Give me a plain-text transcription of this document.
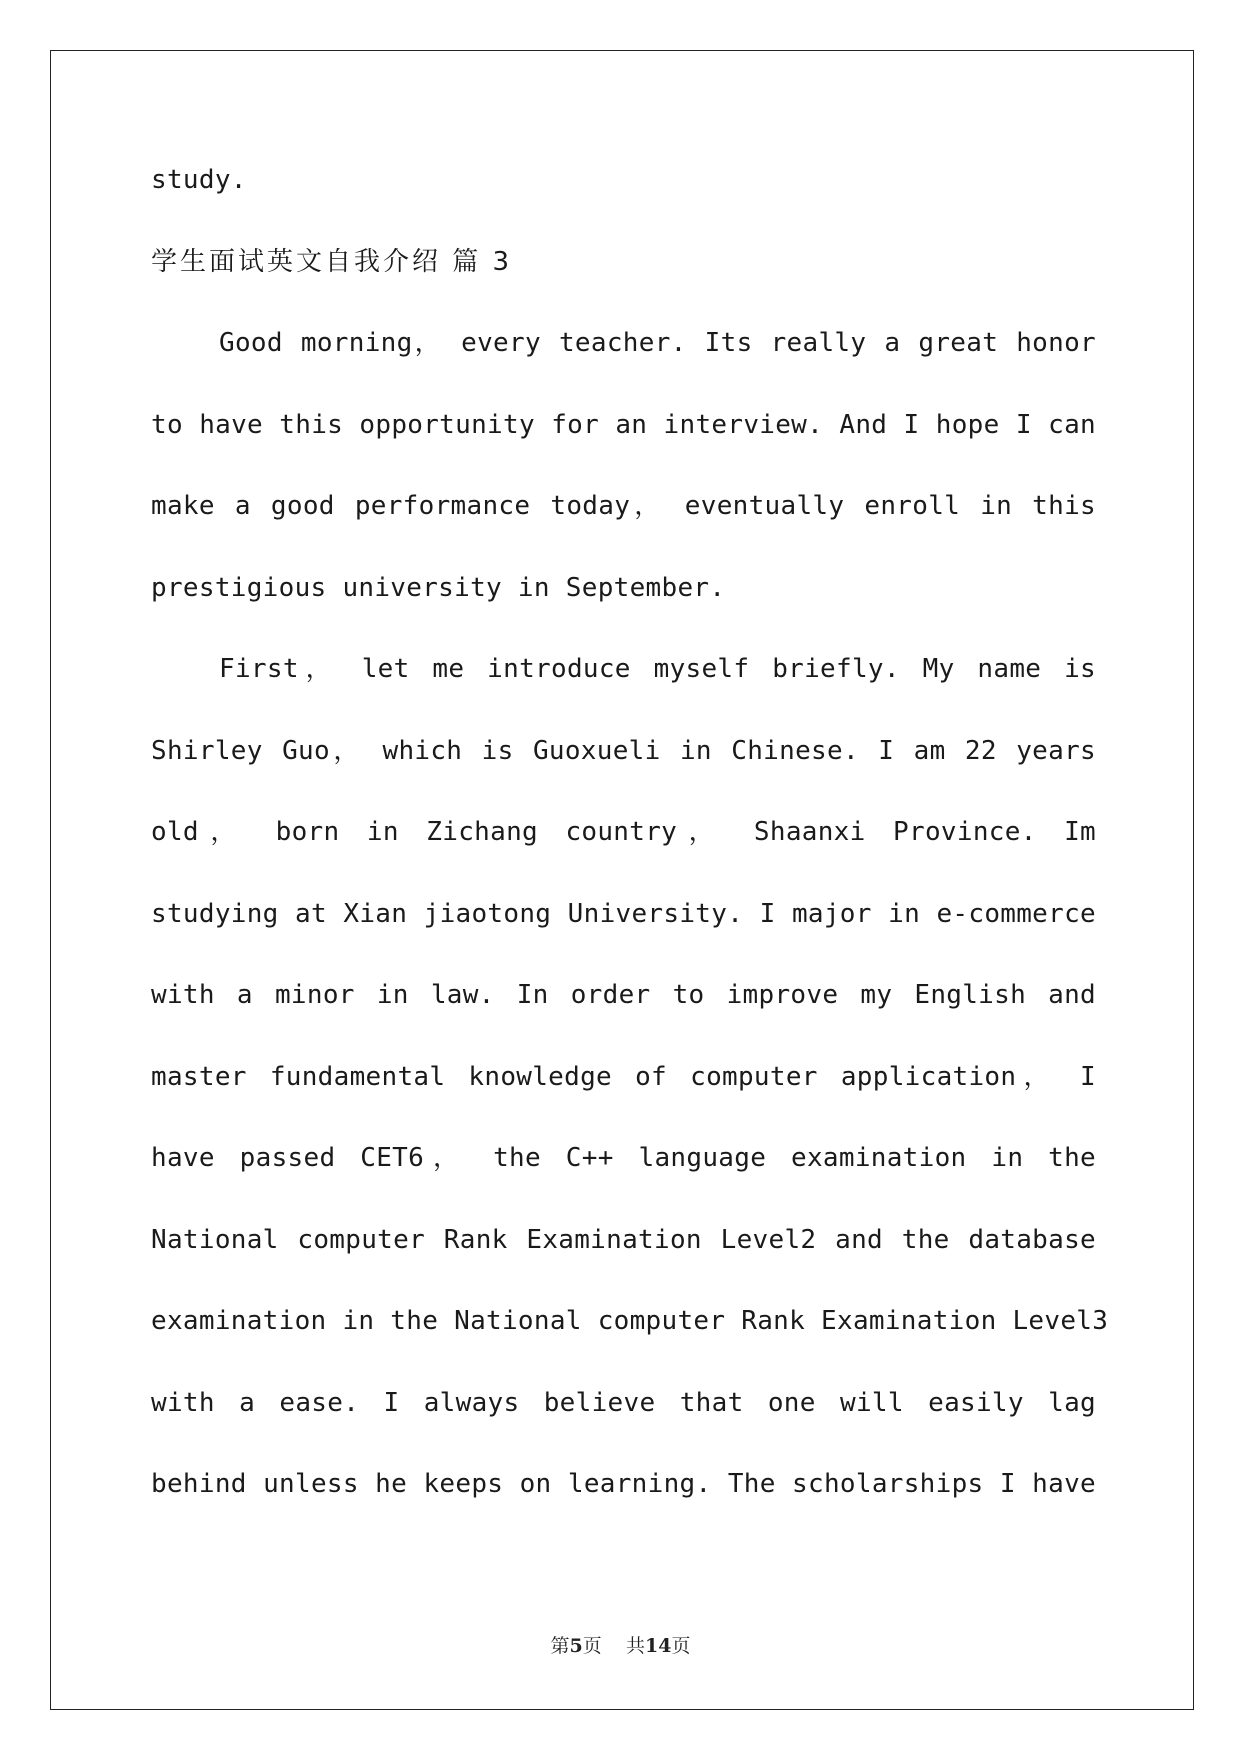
study.
学生面试英文自我介绍 篇 3
Good morning， every teacher. Its really a great honor
to have this opportunity for an interview. And I hope I can
make a good performance today， eventually enroll in this
prestigious university in September.
First， let me introduce myself briefly. My name is
Shirley Guo， which is Guoxueli in Chinese. I am 22 years
old， born in Zichang country， Shaanxi Province. Im
studying at Xian jiaotong University. I major in e-commerce
with a minor in law. In order to improve my English and
master fundamental knowledge of computer application， I
have passed CET6， the C++ language examination in the
National computer Rank Examination Level2 and the database
examination in the National computer Rank Examination Level3
with a ease. I always believe that one will easily lag
behind unless he keeps on learning. The scholarships I have
第5页 共14页
